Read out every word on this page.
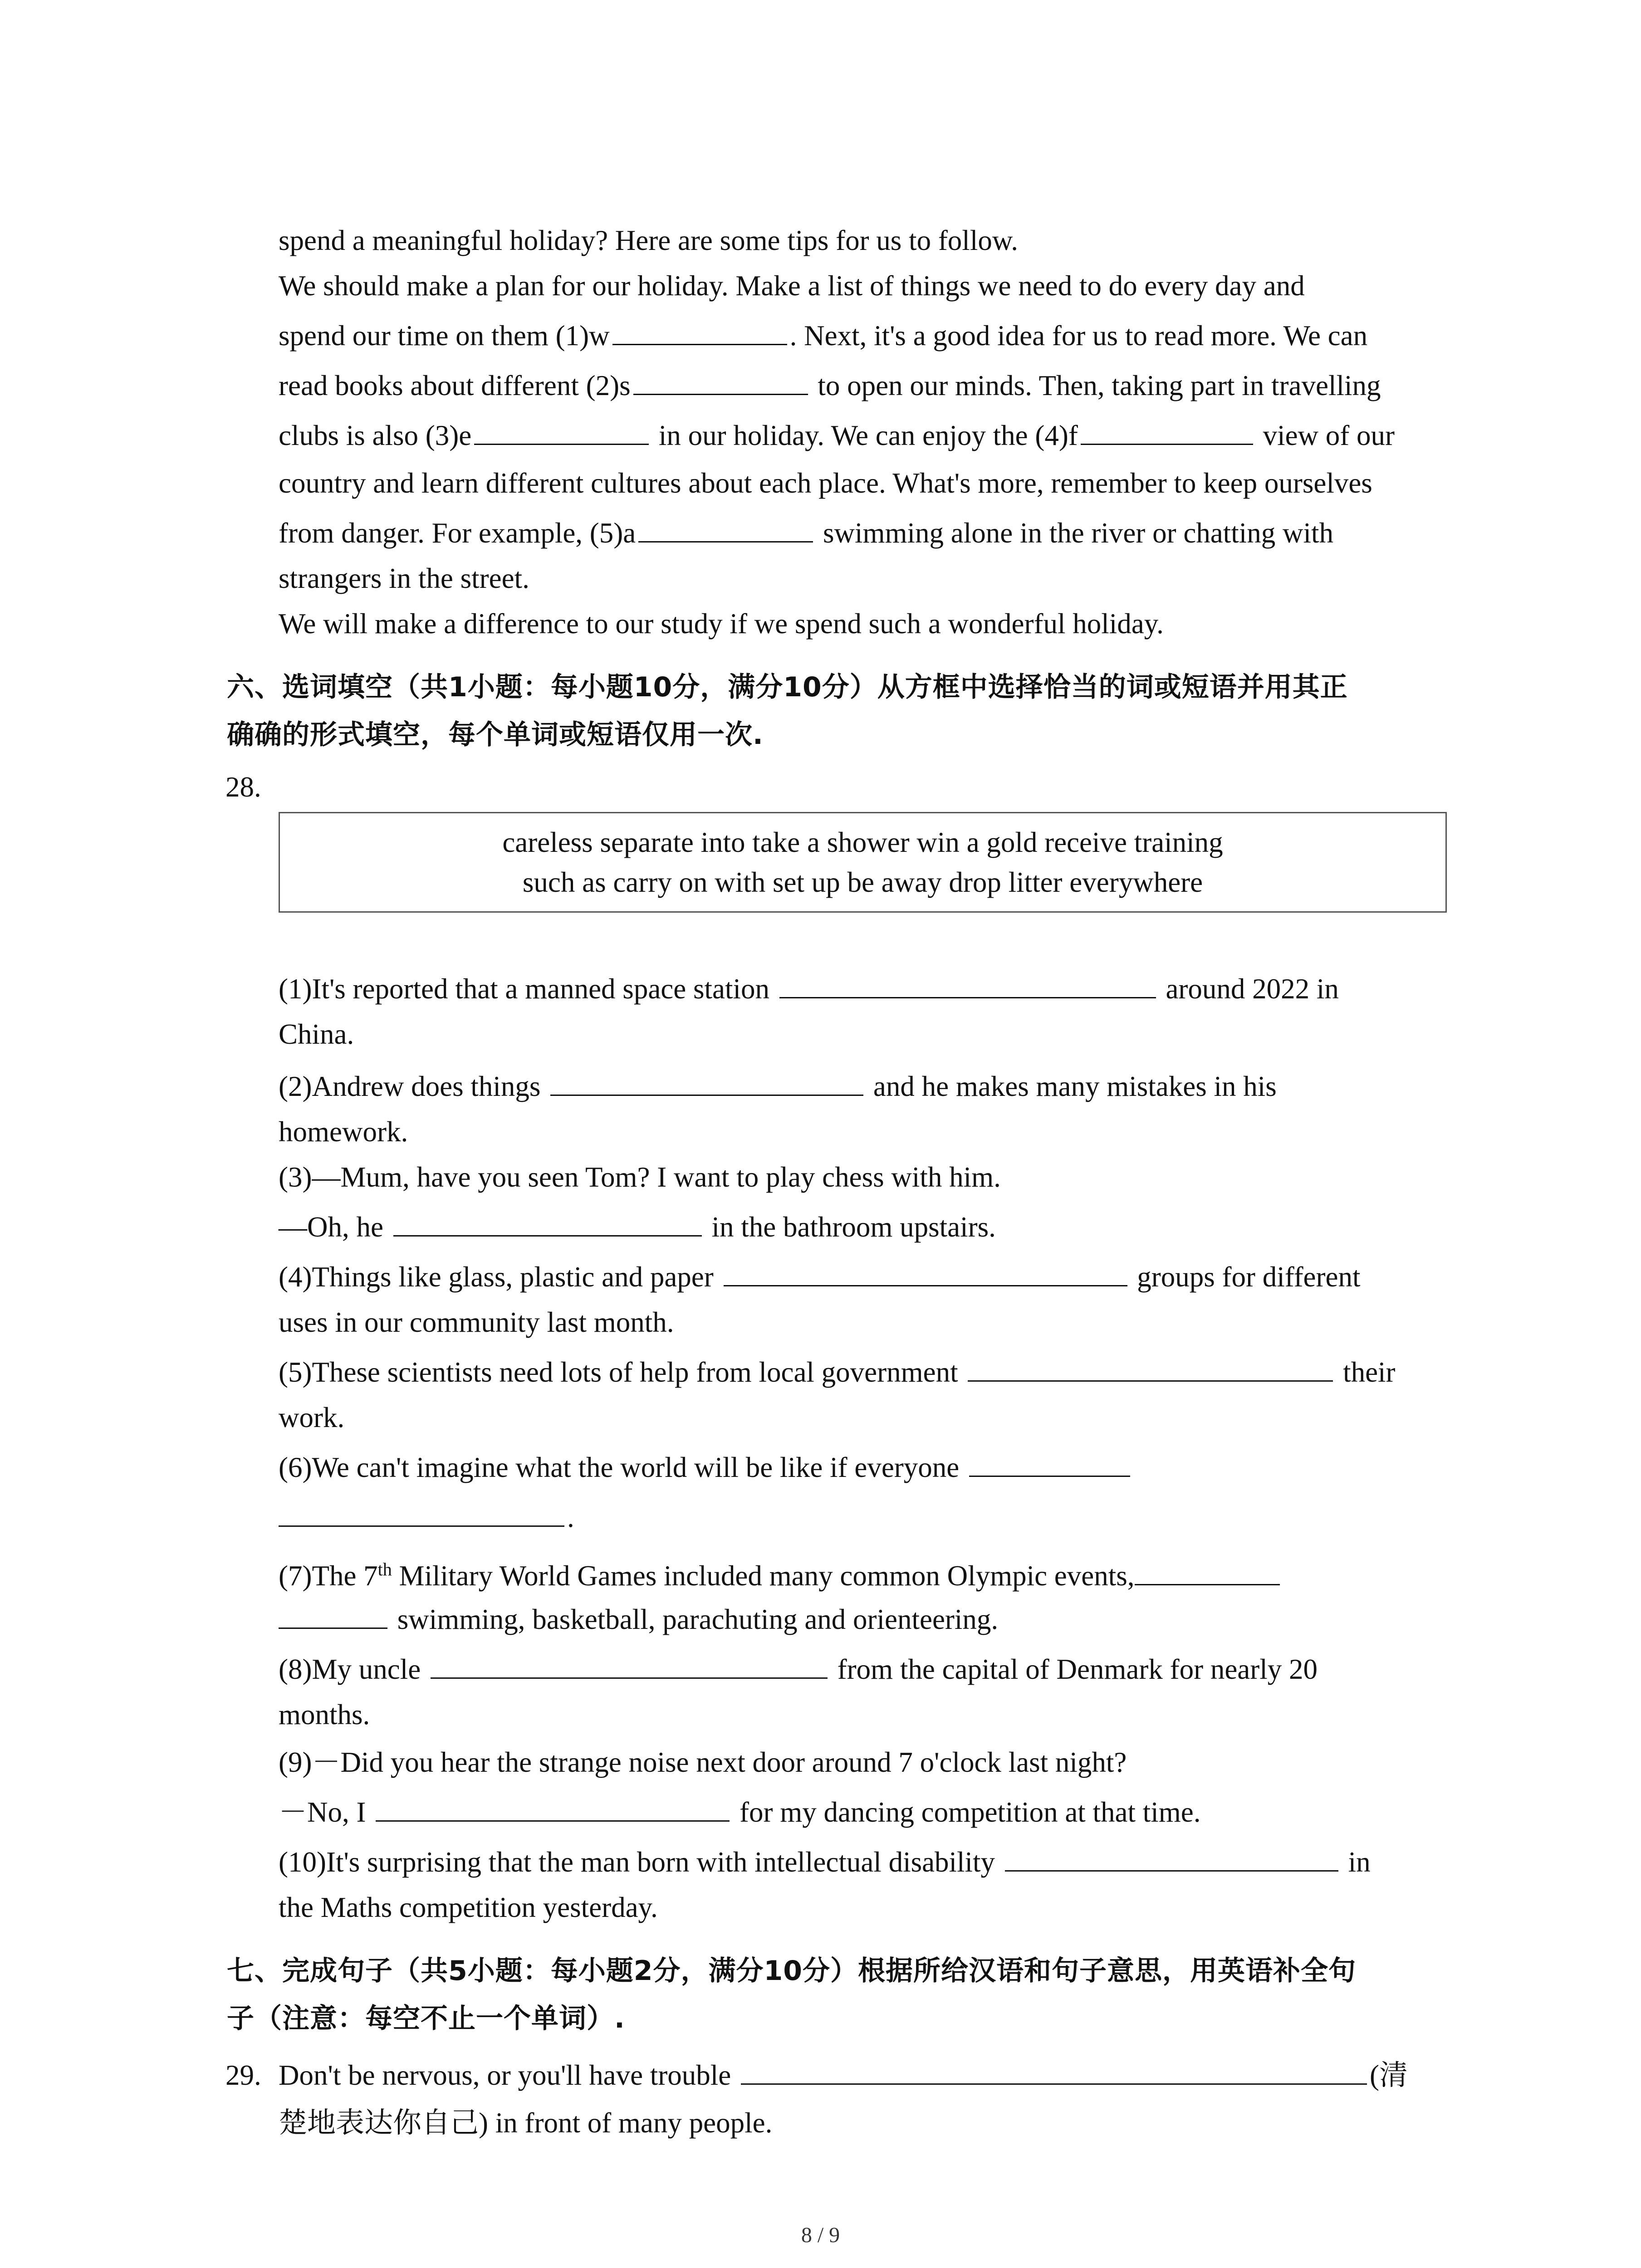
spend a meaningful holiday? Here are some tips for us to follow.
We should make a plan for our holiday. Make a list of things we need to do every day and
spend our time on them (1)w	. Next, it's a good idea for us to read more. We can
read books about different (2)s	to open our minds. Then, taking part in travelling
clubs is also (3)e	in our holiday. We can enjoy the (4)f	view of our
country and learn different cultures about each place. What's more, remember to keep ourselves
from danger. For example, (5)a	swimming alone in the river or chatting with
strangers in the street.
We will make a difference to our study if we spend such a wonderful holiday.
六、选词填空（共1小题：每小题10分，满分10分）从方框中选择恰当的词或短语并用其正
确确的形式填空，每个单词或短语仅用一次.
28.
careless separate into take a shower win a gold receive training
such as carry on with set up be away drop litter everywhere
(1)It's reported that a manned space station	around 2022 in
China.
(2)Andrew does things	and he makes many mistakes in his
homework.
(3)—Mum, have you seen Tom? I want to play chess with him.
—Oh, he	in the bathroom upstairs.
(4)Things like glass, plastic and paper	groups for different
uses in our community last month.
(5)These scientists need lots of help from local government	their
work.
(6)We can't imagine what the world will be like if everyone
.
(7)The 7th Military World Games included many common Olympic events,
swimming, basketball, parachuting and orienteering.
(8)My uncle	from the capital of Denmark for nearly 20
months.
(9)－Did you hear the strange noise next door around 7 o'clock last night?
－No, I	for my dancing competition at that time.
(10)It's surprising that the man born with intellectual disability	in
the Maths competition yesterday.
七、完成句子（共5小题：每小题2分，满分10分）根据所给汉语和句子意思，用英语补全句
子（注意：每空不止一个单词）.
29. Don't be nervous, or you'll have trouble	(清
楚地表达你自己) in front of many people.
8 / 9
